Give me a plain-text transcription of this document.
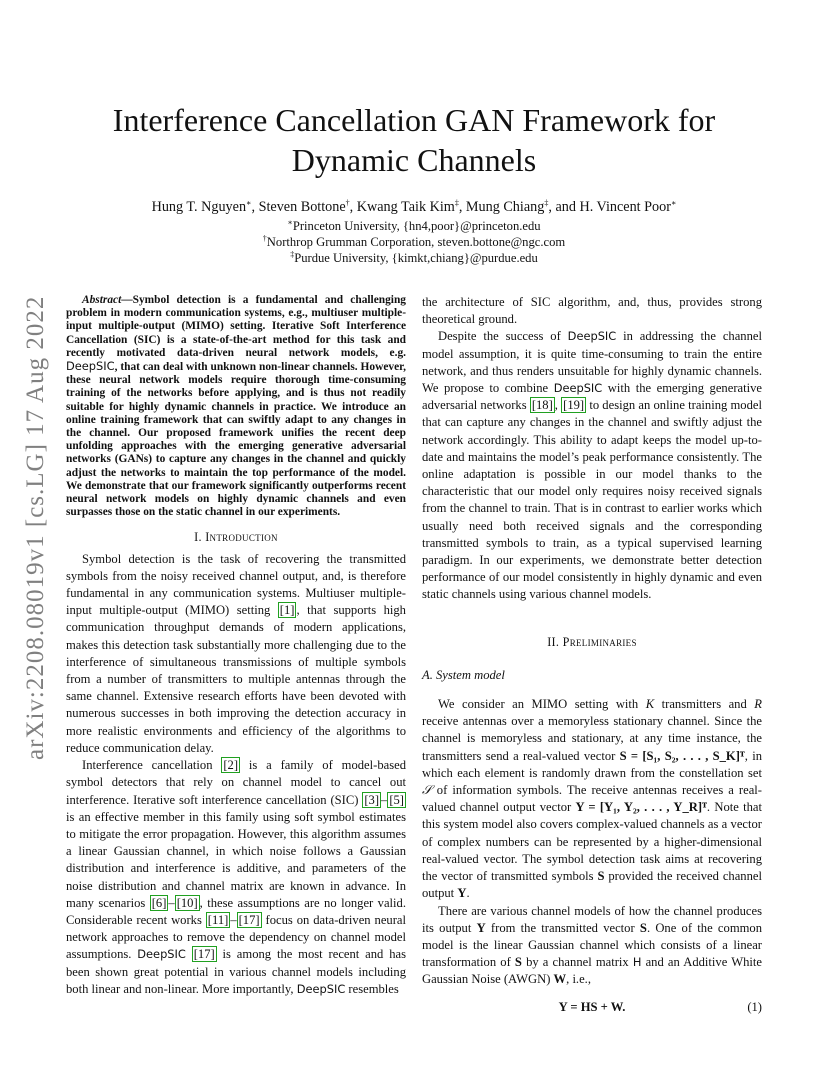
arXiv:2208.08019v1 [cs.LG] 17 Aug 2022
Interference Cancellation GAN Framework for
Dynamic Channels
Hung T. Nguyen∗, Steven Bottone†, Kwang Taik Kim‡, Mung Chiang‡, and H. Vincent Poor∗
∗Princeton University, {hn4,poor}@princeton.edu
†Northrop Grumman Corporation, steven.bottone@ngc.com
‡Purdue University, {kimkt,chiang}@purdue.edu

Abstract—Symbol detection is a fundamental and challenging problem in modern communication systems, e.g., multiuser multiple-input multiple-output (MIMO) setting. Iterative Soft Interference Cancellation (SIC) is a state-of-the-art method for this task and recently motivated data-driven neural network models, e.g. DeepSIC, that can deal with unknown non-linear channels. However, these neural network models require thorough time-consuming training of the networks before applying, and is thus not readily suitable for highly dynamic channels in practice. We introduce an online training framework that can swiftly adapt to any changes in the channel. Our proposed framework unifies the recent deep unfolding approaches with the emerging generative adversarial networks (GANs) to capture any changes in the channel and quickly adjust the networks to maintain the top performance of the model. We demonstrate that our framework significantly outperforms recent neural network models on highly dynamic channels and even surpasses those on the static channel in our experiments.

I. Introduction

Symbol detection is the task of recovering the transmitted symbols from the noisy received channel output, and, is therefore fundamental in any communication systems. Multiuser multiple-input multiple-output (MIMO) setting [1] , that supports high communication throughput demands of modern applications, makes this detection task substantially more challenging due to the interference of simultaneous transmissions of multiple symbols from a number of transmitters to multiple antennas through the same channel. Extensive research efforts have been devoted with numerous successes in both improving the detection accuracy in more realistic environments and efficiency of the algorithms to reduce communication delay.

Interference cancellation [2] is a family of model-based symbol detectors that rely on channel model to cancel out interference. Iterative soft interference cancellation (SIC) [3] – [5] is an effective member in this family using soft symbol estimates to mitigate the error propagation. However, this algorithm assumes a linear Gaussian channel, in which noise follows a Gaussian distribution and interference is additive, and parameters of the noise distribution and channel matrix are known in advance. In many scenarios [6] – [10] , these assumptions are no longer valid. Considerable recent works [11] – [17] focus on data-driven neural network approaches to remove the dependency on channel model assumptions. DeepSIC [17] is among the most recent and has been shown great potential in various channel models including both linear and non-linear. More importantly, DeepSIC resembles

the architecture of SIC algorithm, and, thus, provides strong theoretical ground.

Despite the success of DeepSIC in addressing the channel model assumption, it is quite time-consuming to train the entire network, and thus renders unsuitable for highly dynamic channels. We propose to combine DeepSIC with the emerging generative adversarial networks [18] , [19] to design an online training model that can capture any changes in the channel and swiftly adjust the network accordingly. This ability to adapt keeps the model up-to-date and maintains the model’s peak performance consistently. The online adaptation is possible in our model thanks to the characteristic that our model only requires noisy received signals from the channel to train. That is in contrast to earlier works which usually need both received signals and the corresponding transmitted symbols to train, as a typical supervised learning paradigm. In our experiments, we demonstrate better detection performance of our model consistently in highly dynamic and even static channels using various channel models.

II. Preliminaries
A. System model

We consider an MIMO setting with K transmitters and R receive antennas over a memoryless stationary channel. Since the channel is memoryless and stationary, at any time instance, the transmitters send a real-valued vector S = [S₁, S₂, . . . , S_K]ᵀ, in which each element is randomly drawn from the constellation set 𝒮 of information symbols. The receive antennas receives a real-valued channel output vector Y = [Y₁, Y₂, . . . , Y_R]ᵀ. Note that this system model also covers complex-valued channels as a vector of complex numbers can be represented by a higher-dimensional real-valued vector. The symbol detection task aims at recovering the vector of transmitted symbols S provided the received channel output Y.

There are various channel models of how the channel produces its output Y from the transmitted vector S. One of the common model is the linear Gaussian channel which consists of a linear transformation of S by a channel matrix H and an Additive White Gaussian Noise (AWGN) W, i.e.,

Y = HS + W.	(1)
